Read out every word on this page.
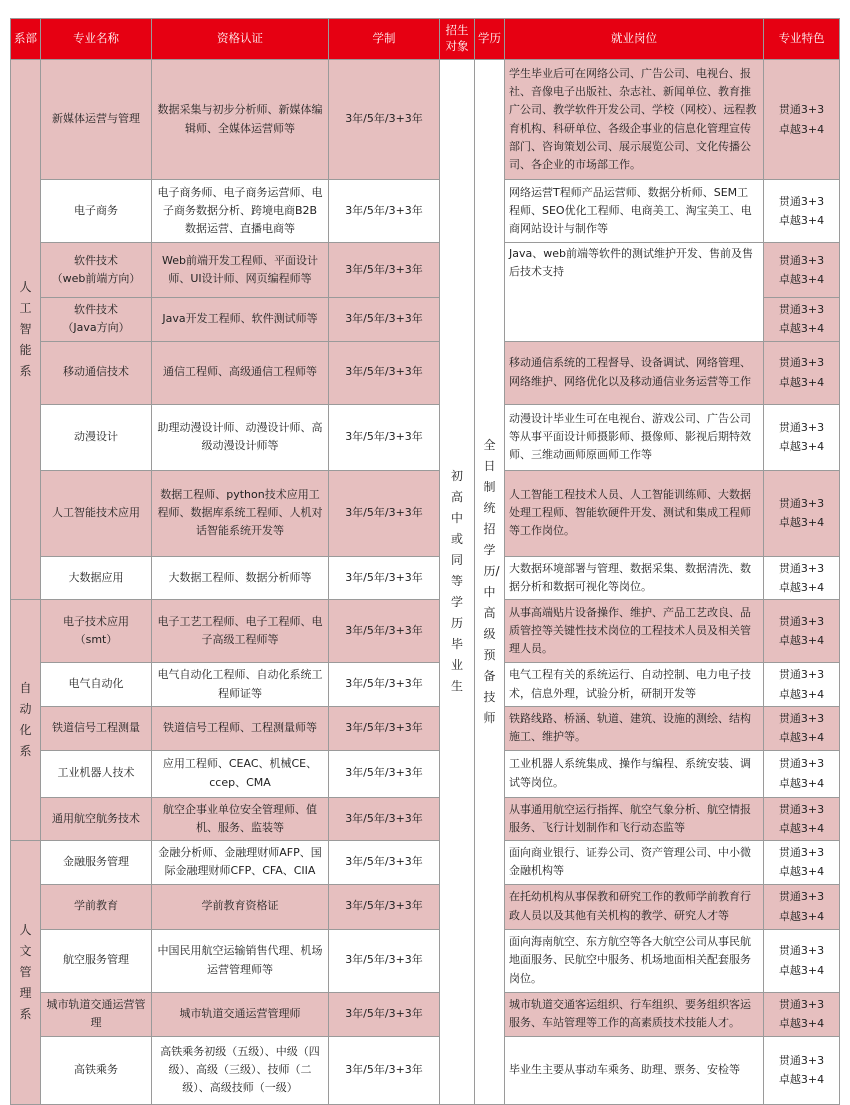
系部	专业名称	资格认证	学制	招生对象	学历	就业岗位	专业特色

人工智能系	新媒体运营与管理	数据采集与初步分析师、新媒体编辑师、全媒体运营师等	3年/5年/3+3年	初高中或同等学历毕业生	全日制统招学历/中高级预备技师	学生毕业后可在网络公司、广告公司、电视台、报社、音像电子出版社、杂志社、新闻单位、教育推广公司、教学软件开发公司、学校（网校）、远程教育机构、科研单位、各级企事业的信息化管理宣传部门、咨询策划公司、展示展览公司、文化传播公司、各企业的市场部工作。	贯通3+3
卓越3+4
	电子商务	电子商务师、电子商务运营师、电子商务数据分析、跨境电商B2B 数据运营、直播电商等	3年/5年/3+3年			网络运营T程师产品运营师、数据分析师、SEM工程师、SEO优化工程师、电商美工、淘宝美工、电商网站设计与制作等	贯通3+3
卓越3+4
	软件技术
（web前端方向）	Web前端开发工程师、平面设计师、UI设计师、网页编程师等	3年/5年/3+3年			Java、web前端等软件的测试维护开发、售前及售后技术支持	贯通3+3
卓越3+4
	软件技术
（Java方向）	Java开发工程师、软件测试师等	3年/5年/3+3年				贯通3+3
卓越3+4
	移动通信技术	通信工程师、高级通信工程师等	3年/5年/3+3年			移动通信系统的工程督导、设备调试、网络管理、网络维护、网络优化以及移动通信业务运营等工作	贯通3+3
卓越3+4
	动漫设计	助理动漫设计师、动漫设计师、高级动漫设计师等	3年/5年/3+3年			动漫设计毕业生可在电视台、游戏公司、广告公司等从事平面设计师摄影师、摄像师、影视后期特效师、三维动画师原画师工作等	贯通3+3
卓越3+4
	人工智能技术应用	数据工程师、python技术应用工程师、数据库系统工程师、人机对话智能系统开发等	3年/5年/3+3年			人工智能工程技术人员、人工智能训练师、大数据处理工程师、智能软硬件开发、测试和集成工程师等工作岗位。	贯通3+3
卓越3+4
	大数据应用	大数据工程师、数据分析师等	3年/5年/3+3年			大数据环境部署与管理、数据采集、数据清洗、数据分析和数据可视化等岗位。	贯通3+3
卓越3+4

自动化系	电子技术应用
（smt）	电子工艺工程师、电子工程师、电子高级工程师等	3年/5年/3+3年			从事高端贴片设备操作、维护、产品工艺改良、品质管控等关键性技术岗位的工程技术人员及相关管理人员。	贯通3+3
卓越3+4
	电气自动化	电气自动化工程师、自动化系统工程师证等	3年/5年/3+3年			电气工程有关的系统运行、自动控制、电力电子技术，信息外理，试验分析，研制开发等	贯通3+3
卓越3+4
	铁道信号工程测量	铁道信号工程师、工程测量师等	3年/5年/3+3年			铁路线路、桥涵、轨道、建筑、设施的测绘、结构施工、维护等。	贯通3+3
卓越3+4
	工业机器人技术	应用工程师、CEAC、机械CE、ccep、CMA	3年/5年/3+3年			工业机器人系统集成、操作与编程、系统安装、调试等岗位。	贯通3+3
卓越3+4
	通用航空航务技术	航空企事业单位安全管理师、值机、服务、监装等	3年/5年/3+3年			从事通用航空运行指挥、航空气象分析、航空情报服务、飞行计划制作和飞行动态监等	贯通3+3
卓越3+4

人文管理系	金融服务管理	金融分析师、金融理财师AFP、国际金融理财师CFP、CFA、CIIA	3年/5年/3+3年			面向商业银行、证券公司、资产管理公司、中小微金融机构等	贯通3+3
卓越3+4
	学前教育	学前教育资格证	3年/5年/3+3年			在托幼机构从事保教和研究工作的教师学前教育行政人员以及其他有关机构的教学、研究人才等	贯通3+3
卓越3+4
	航空服务管理	中国民用航空运输销售代理、机场运营管理师等	3年/5年/3+3年			面向海南航空、东方航空等各大航空公司从事民航地面服务、民航空中服务、机场地面相关配套服务岗位。	贯通3+3
卓越3+4
	城市轨道交通运营管理	城市轨道交通运营管理师	3年/5年/3+3年			城市轨道交通客运组织、行车组织、要务组织客运服务、车站管理等工作的高素质技术技能人才。	贯通3+3
卓越3+4
	高铁乘务	高铁乘务初级（五级）、中级（四级）、高级（三级）、技师（二级）、高级技师（一级）	3年/5年/3+3年			毕业生主要从事动车乘务、助理、票务、安检等	贯通3+3
卓越3+4
